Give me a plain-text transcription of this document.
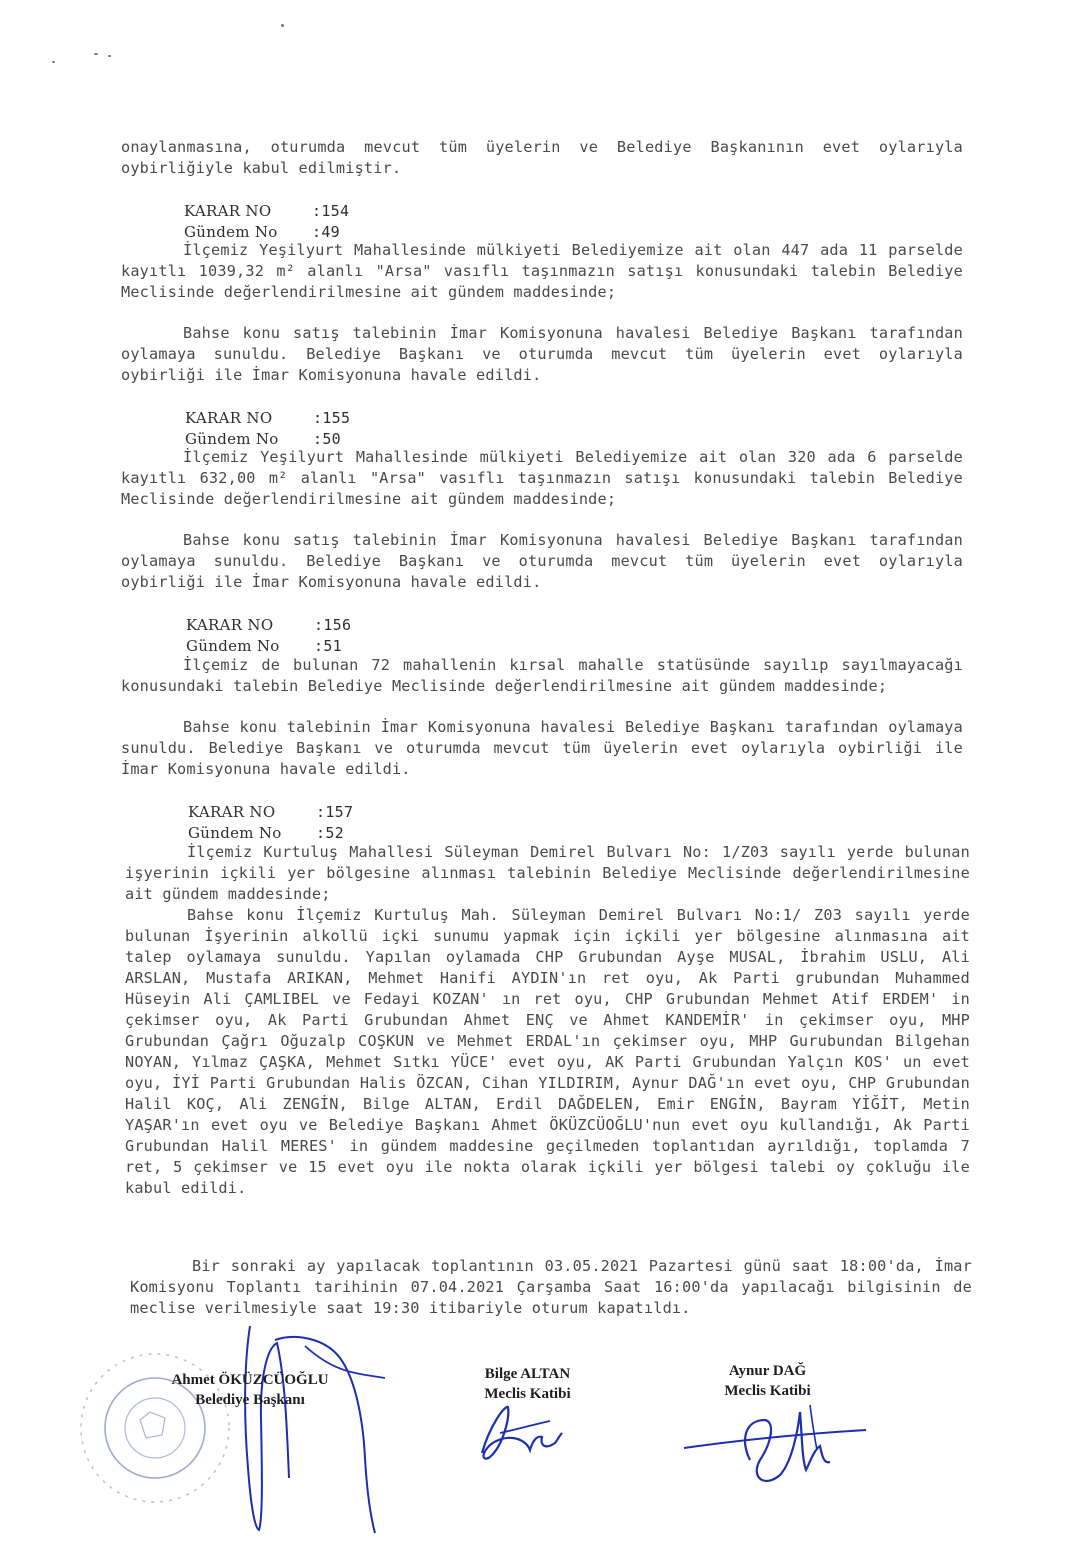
onaylanmasına, oturumda mevcut tüm üyelerin ve Belediye Başkanının evet oylarıyla oybirliğiyle kabul edilmiştir.

KARAR NO	:154
Gündem No :49

İlçemiz Yeşilyurt Mahallesinde mülkiyeti Belediyemize ait olan 447 ada 11 parselde kayıtlı 1039,32 m² alanlı "Arsa" vasıflı taşınmazın satışı konusundaki talebin Belediye Meclisinde değerlendirilmesine ait gündem maddesinde;

Bahse konu satış talebinin İmar Komisyonuna havalesi Belediye Başkanı tarafından oylamaya sunuldu. Belediye Başkanı ve oturumda mevcut tüm üyelerin evet oylarıyla oybirliği ile İmar Komisyonuna havale edildi.

KARAR NO	:155
Gündem No :50

İlçemiz Yeşilyurt Mahallesinde mülkiyeti Belediyemize ait olan 320 ada 6 parselde kayıtlı 632,00 m² alanlı "Arsa" vasıflı taşınmazın satışı konusundaki talebin Belediye Meclisinde değerlendirilmesine ait gündem maddesinde;

Bahse konu satış talebinin İmar Komisyonuna havalesi Belediye Başkanı tarafından oylamaya sunuldu. Belediye Başkanı ve oturumda mevcut tüm üyelerin evet oylarıyla oybirliği ile İmar Komisyonuna havale edildi.

KARAR NO	:156
Gündem No :51

İlçemiz de bulunan 72 mahallenin kırsal mahalle statüsünde sayılıp sayılmayacağı konusundaki talebin Belediye Meclisinde değerlendirilmesine ait gündem maddesinde;

Bahse konu talebinin İmar Komisyonuna havalesi Belediye Başkanı tarafından oylamaya sunuldu. Belediye Başkanı ve oturumda mevcut tüm üyelerin evet oylarıyla oybirliği ile İmar Komisyonuna havale edildi.

KARAR NO	:157
Gündem No :52

İlçemiz Kurtuluş Mahallesi Süleyman Demirel Bulvarı No: 1/Z03 sayılı yerde bulunan işyerinin içkili yer bölgesine alınması talebinin Belediye Meclisinde değerlendirilmesine ait gündem maddesinde;

Bahse konu İlçemiz Kurtuluş Mah. Süleyman Demirel Bulvarı No:1/ Z03 sayılı yerde bulunan İşyerinin alkollü içki sunumu yapmak için içkili yer bölgesine alınmasına ait talep oylamaya sunuldu. Yapılan oylamada CHP Grubundan Ayşe MUSAL, İbrahim USLU, Ali ARSLAN, Mustafa ARIKAN, Mehmet Hanifi AYDIN'ın ret oyu, Ak Parti grubundan Muhammed Hüseyin Ali ÇAMLIBEL ve Fedayi KOZAN' ın ret oyu, CHP Grubundan Mehmet Atif ERDEM' in çekimser oyu, Ak Parti Grubundan Ahmet ENÇ ve Ahmet KANDEMİR' in çekimser oyu, MHP Grubundan Çağrı Oğuzalp COŞKUN ve Mehmet ERDAL'ın çekimser oyu, MHP Gurubundan Bilgehan NOYAN, Yılmaz ÇAŞKA, Mehmet Sıtkı YÜCE' evet oyu, AK Parti Grubundan Yalçın KOS' un evet oyu, İYİ Parti Grubundan Halis ÖZCAN, Cihan YILDIRIM, Aynur DAĞ'ın evet oyu, CHP Grubundan Halil KOÇ, Ali ZENGİN, Bilge ALTAN, Erdil DAĞDELEN, Emir ENGİN, Bayram YİĞİT, Metin YAŞAR'ın evet oyu ve Belediye Başkanı Ahmet ÖKÜZCÜOĞLU'nun evet oyu kullandığı, Ak Parti Grubundan Halil MERES' in gündem maddesine geçilmeden toplantıdan ayrıldığı, toplamda 7 ret, 5 çekimser ve 15 evet oyu ile nokta olarak içkili yer bölgesi talebi oy çokluğu ile kabul edildi.

Bir sonraki ay yapılacak toplantının 03.05.2021 Pazartesi günü saat 18:00'da, İmar Komisyonu Toplantı tarihinin 07.04.2021 Çarşamba Saat 16:00'da yapılacağı bilgisinin de meclise verilmesiyle saat 19:30 itibariyle oturum kapatıldı.

Ahmet ÖKÜZCÜOĞLU
Belediye Başkanı
Bilge ALTAN
Meclis Katibi
Aynur DAĞ
Meclis Katibi
